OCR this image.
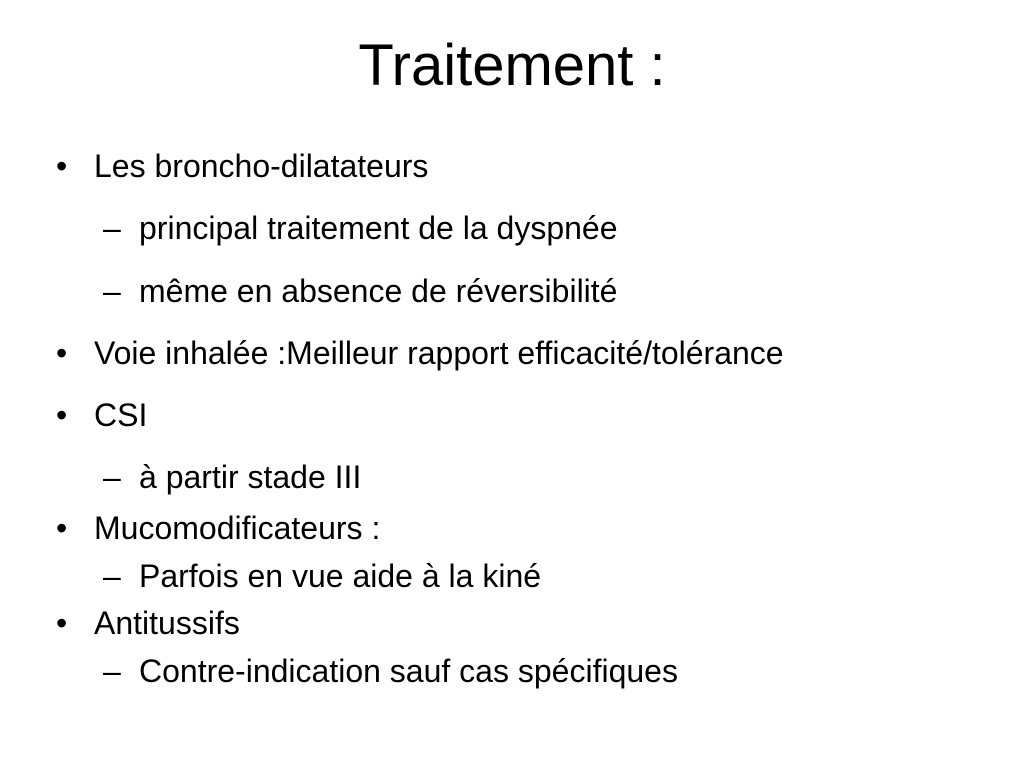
Traitement :
• Les broncho-dilatateurs
– principal traitement de la dyspnée
– même en absence de réversibilité
• Voie inhalée :Meilleur rapport efficacité/tolérance
• CSI
– à partir stade III
• Mucomodificateurs :
– Parfois en vue aide à la kiné
• Antitussifs
– Contre-indication sauf cas spécifiques
